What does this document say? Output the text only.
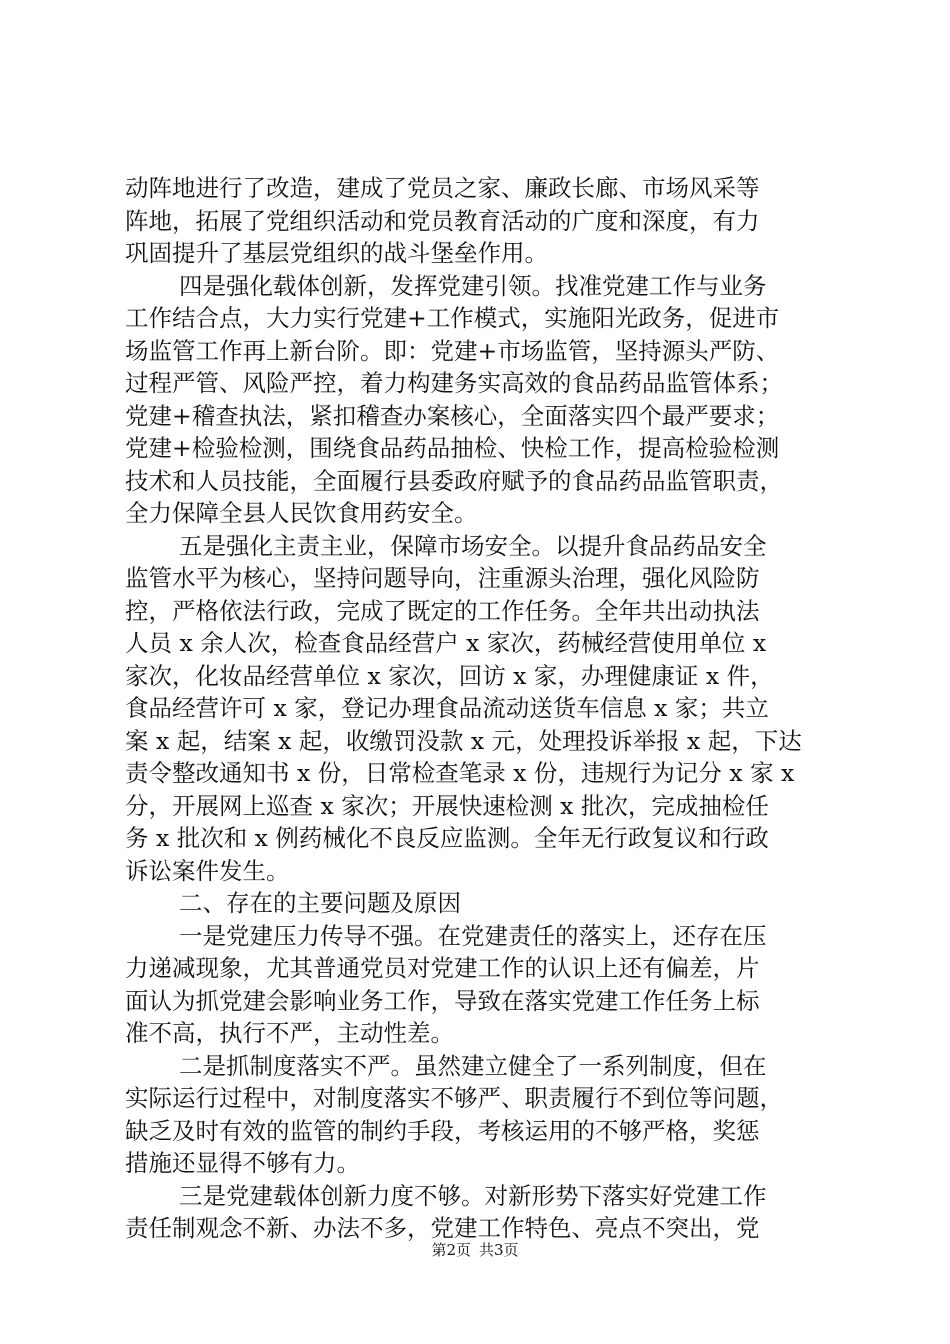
动阵地进行了改造，建成了党员之家、廉政长廊、市场风采等
阵地，拓展了党组织活动和党员教育活动的广度和深度，有力
巩固提升了基层党组织的战斗堡垒作用。
四是强化载体创新，发挥党建引领。找准党建工作与业务
工作结合点，大力实行党建+工作模式，实施阳光政务，促进市
场监管工作再上新台阶。即：党建+市场监管，坚持源头严防、
过程严管、风险严控，着力构建务实高效的食品药品监管体系；
党建+稽查执法，紧扣稽查办案核心，全面落实四个最严要求；
党建+检验检测，围绕食品药品抽检、快检工作，提高检验检测
技术和人员技能，全面履行县委政府赋予的食品药品监管职责，
全力保障全县人民饮食用药安全。
五是强化主责主业，保障市场安全。以提升食品药品安全
监管水平为核心，坚持问题导向，注重源头治理，强化风险防
控，严格依法行政，完成了既定的工作任务。全年共出动执法
人员 x 余人次，检查食品经营户 x 家次，药械经营使用单位 x
家次，化妆品经营单位 x 家次，回访 x 家，办理健康证 x 件，
食品经营许可 x 家，登记办理食品流动送货车信息 x 家；共立
案 x 起，结案 x 起，收缴罚没款 x 元，处理投诉举报 x 起，下达
责令整改通知书 x 份，日常检查笔录 x 份，违规行为记分 x 家 x
分，开展网上巡查 x 家次；开展快速检测 x 批次，完成抽检任
务 x 批次和 x 例药械化不良反应监测。全年无行政复议和行政
诉讼案件发生。
二、存在的主要问题及原因
一是党建压力传导不强。在党建责任的落实上，还存在压
力递减现象，尤其普通党员对党建工作的认识上还有偏差，片
面认为抓党建会影响业务工作，导致在落实党建工作任务上标
准不高，执行不严，主动性差。
二是抓制度落实不严。虽然建立健全了一系列制度，但在
实际运行过程中，对制度落实不够严、职责履行不到位等问题，
缺乏及时有效的监管的制约手段，考核运用的不够严格，奖惩
措施还显得不够有力。
三是党建载体创新力度不够。对新形势下落实好党建工作
责任制观念不新、办法不多，党建工作特色、亮点不突出，党
第2页 共3页
